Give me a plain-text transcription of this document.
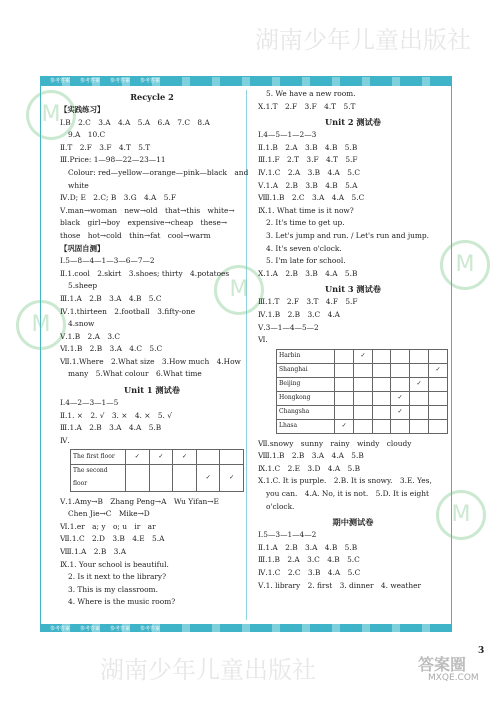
参考答案 参考答案 参考答案 参考答案
参考答案 参考答案 参考答案 参考答案
M
M
M
M
M
湖南少年儿童出版社
湖南少年儿童出版社
Recycle 2
【实践练习】
Ⅰ.B　2.C　3.A　4.A　5.A　6.A　7.C　8.A
9.A　10.C
Ⅱ.T　2.F　3.F　4.T　5.T
Ⅲ.Price: 1—98—22—23—11
Colour: red—yellow—orange—pink—black　and
white
Ⅳ.D; E　2.C; B　3.G　4.A　5.F
Ⅴ.man→woman　new→old　that→this　white→
black　girl→boy　expensive→cheap　these→
those　hot→cold　thin→fat　cool→warm
【巩固自测】
Ⅰ.5—8—4—1—3—6—7—2
Ⅱ.1.cool　2.skirt　3.shoes; thirty　4.potatoes
5.sheep
Ⅲ.1.A　2.B　3.A　4.B　5.C
Ⅳ.1.thirteen　2.football　3.fifty-one
4.snow
Ⅴ.1.B　2.A　3.C
Ⅵ.1.B　2.B　3.A　4.C　5.C
Ⅶ.1.Where　2.What size　3.How much　4.How
many　5.What colour　6.What time
Unit 1 测试卷
Ⅰ.4—2—3—1—5
Ⅱ.1. ×　2. √　3. ×　4. ×　5. √
Ⅲ.1.A　2.B　3.A　4.A　5.B
Ⅳ.
The first floor	✓	✓	✓		
The second floor				✓	✓
Ⅴ.1.Amy→B　Zhang Peng→A　Wu Yifan→E
Chen Jie→C　Mike→D
Ⅵ.1.er　a; y　o; u　ir　ar
Ⅶ.1.C　2.D　3.B　4.E　5.A
Ⅷ.1.A　2.B　3.A
Ⅸ.1. Your school is beautiful.
2. Is it next to the library?
3. This is my classroom.
4. Where is the music room?
5. We have a new room.
Ⅹ.1.T　2.F　3.F　4.T　5.T
Unit 2 测试卷
Ⅰ.4—5—1—2—3
Ⅱ.1.B　2.A　3.B　4.B　5.B
Ⅲ.1.F　2.T　3.F　4.T　5.F
Ⅳ.1.C　2.A　3.B　4.A　5.C
Ⅴ.1.A　2.B　3.B　4.B　5.A
Ⅷ.1.B　2.C　3.A　4.A　5.C
Ⅸ.1. What time is it now?
2. It's time to get up.
3. Let's jump and run. / Let's run and jump.
4. It's seven o'clock.
5. I'm late for school.
Ⅹ.1.A　2.B　3.B　4.A　5.B
Unit 3 测试卷
Ⅲ.1.T　2.F　3.T　4.F　5.F
Ⅳ.1.B　2.B　3.C　4.A
Ⅴ.3—1—4—5—2
Ⅵ.
Harbin		✓				
Shanghai						✓
Beijing					✓	
Hongkong				✓		
Changsha				✓		
Lhasa	✓					
Ⅶ.snowy　sunny　rainy　windy　cloudy
Ⅷ.1.B　2.B　3.A　4.A　5.B
Ⅸ.1.C　2.E　3.D　4.A　5.B
Ⅹ.1.C. It is purple.　2.B. It is snowy.　3.E. Yes,
you can.　4.A. No, it is not.　5.D. It is eight
o'clock.
期中测试卷
Ⅰ.5—3—1—4—2
Ⅱ.1.A　2.B　3.A　4.B　5.B
Ⅲ.1.B　2.A　3.C　4.B　5.C
Ⅳ.1.C　2.C　3.B　4.A　5.C
Ⅴ.1. library　2. first　3. dinner　4. weather
3
答案圈
MXQE.COM
